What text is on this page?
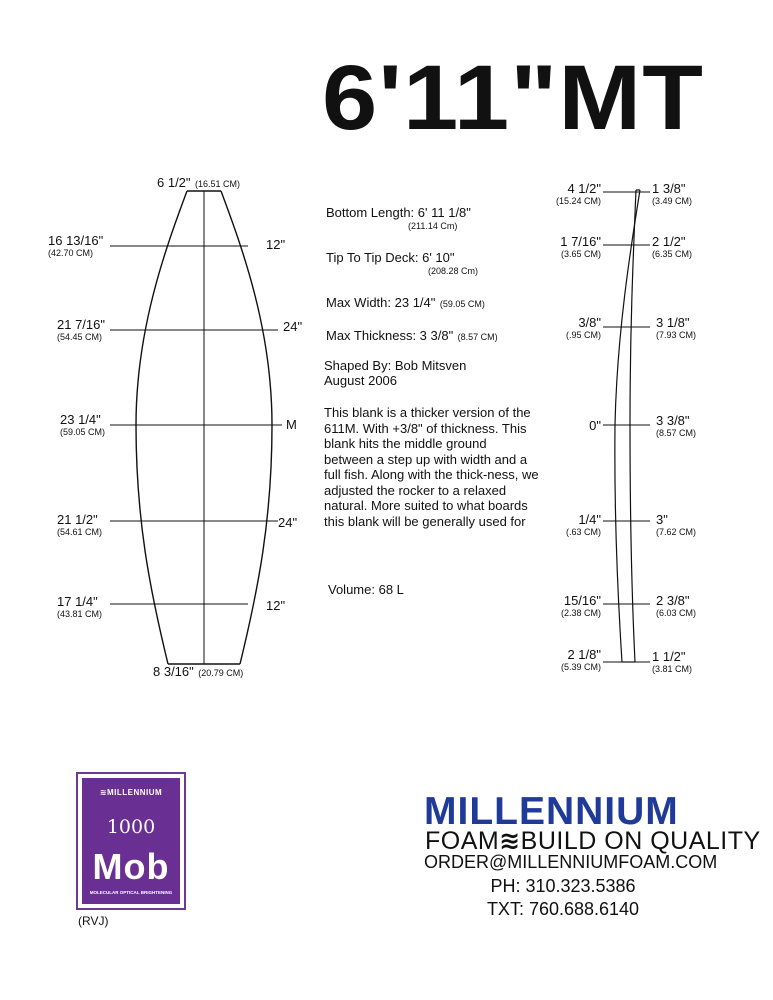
6'11"MT
6 1/2" (16.51 CM)
8 3/16" (20.79 CM)
16 13/16"
(42.70 CM)
21 7/16"
(54.45 CM)
23 1/4"
(59.05 CM)
21 1/2"
(54.61 CM)
17 1/4"
(43.81 CM)
12"
24"
M
24"
12"
Bottom Length: 6' 11 1/8"
(211.14 Cm)
Tip To Tip Deck: 6' 10"
(208.28 Cm)
Max Width: 23 1/4" (59.05 CM)
Max Thickness: 3 3/8" (8.57 CM)
Shaped By: Bob Mitsven
August 2006
This blank is a thicker version of the 611M. With +3/8" of thickness. This blank hits the middle ground between a step up with width and a full fish. Along with the thick-ness, we adjusted the rocker to a relaxed natural. More suited to what boards this blank will be generally used for
Volume: 68 L
4 1/2"
(15.24 CM)
1 7/16"
(3.65 CM)
3/8"
(.95 CM)
0"
1/4"
(.63 CM)
15/16"
(2.38 CM)
2 1/8"
(5.39 CM)
1 3/8"
(3.49 CM)
2 1/2"
(6.35 CM)
3 1/8"
(7.93 CM)
3 3/8"
(8.57 CM)
3"
(7.62 CM)
2 3/8"
(6.03 CM)
1 1/2"
(3.81 CM)
≋MILLENNIUM
1000
Mob
MOLECULAR OPTICAL BRIGHTENING
(RVJ)
MILLENNIUM
FOAM≋BUILD ON QUALITY
ORDER@MILLENNIUMFOAM.COM
PH: 310.323.5386
TXT: 760.688.6140
